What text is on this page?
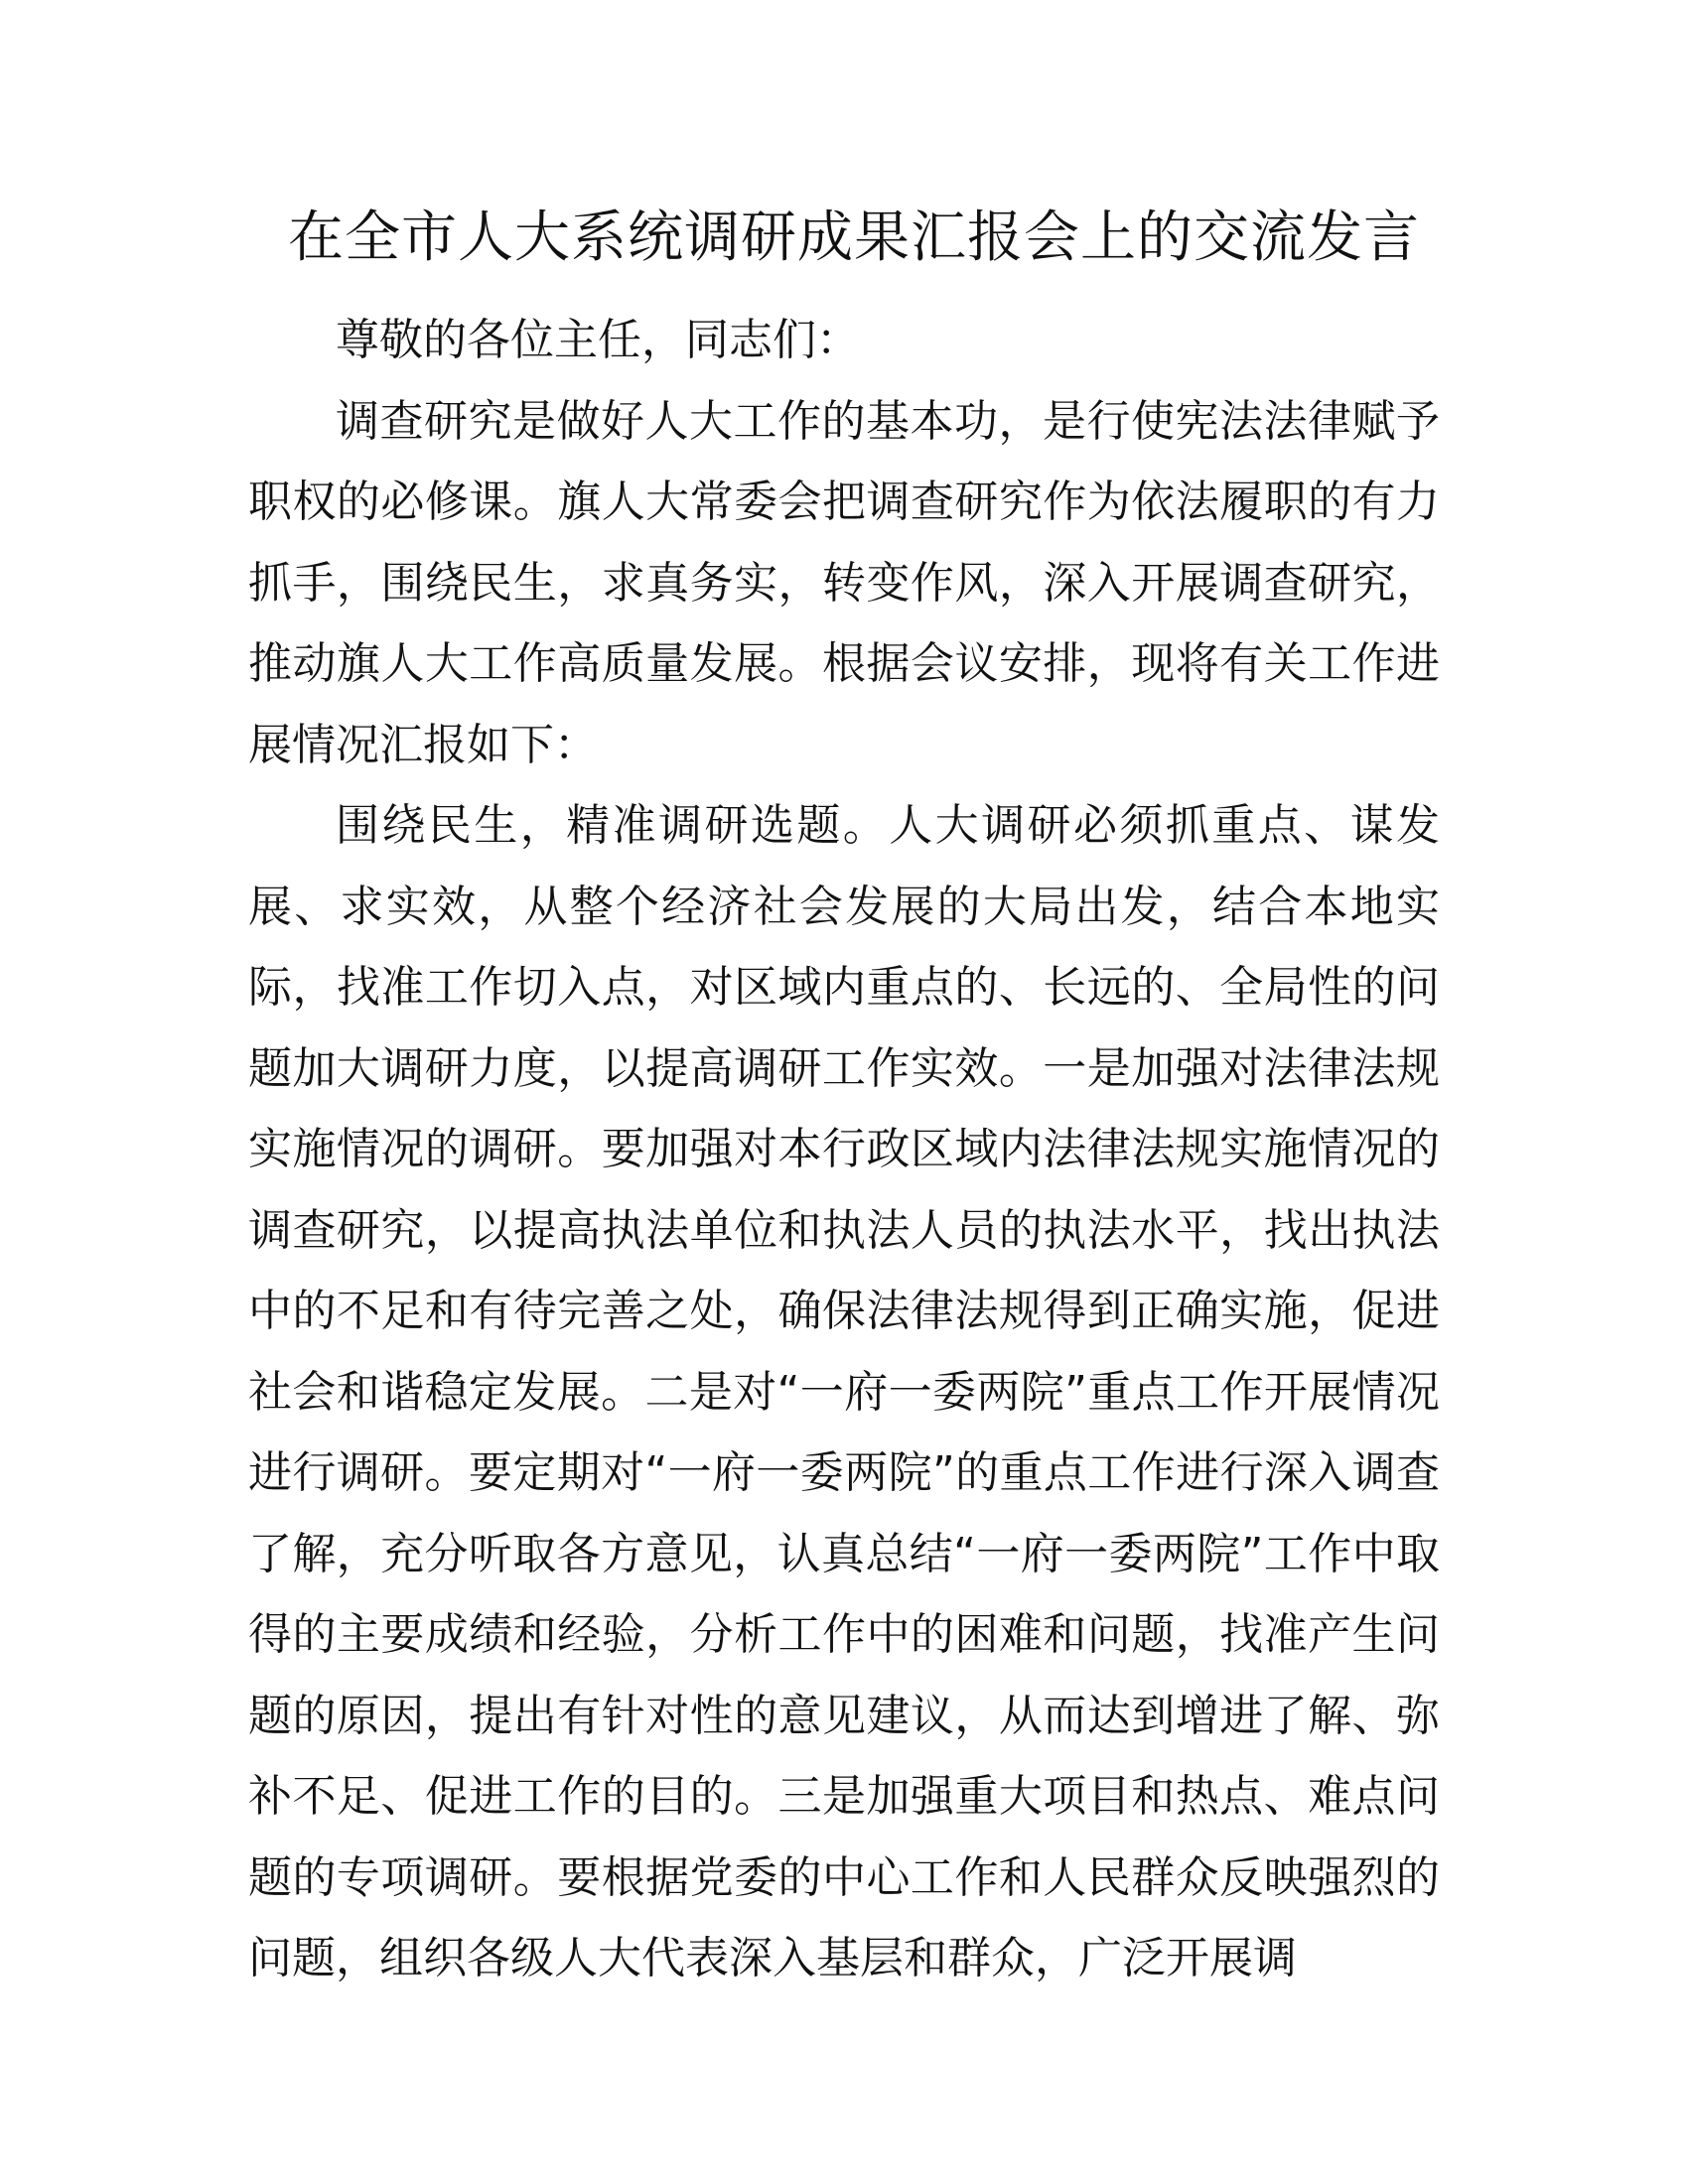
在全市人大系统调研成果汇报会上的交流发言

尊敬的各位主任，同志们：

调查研究是做好人大工作的基本功，是行使宪法法律赋予职权的必修课。旗人大常委会把调查研究作为依法履职的有力抓手，围绕民生，求真务实，转变作风，深入开展调查研究，推动旗人大工作高质量发展。根据会议安排，现将有关工作进展情况汇报如下：

围绕民生，精准调研选题。人大调研必须抓重点、谋发展、求实效，从整个经济社会发展的大局出发，结合本地实际，找准工作切入点，对区域内重点的、长远的、全局性的问题加大调研力度，以提高调研工作实效。一是加强对法律法规实施情况的调研。要加强对本行政区域内法律法规实施情况的调查研究，以提高执法单位和执法人员的执法水平，找出执法中的不足和有待完善之处，确保法律法规得到正确实施，促进社会和谐稳定发展。二是对“一府一委两院”重点工作开展情况进行调研。要定期对“一府一委两院”的重点工作进行深入调查了解，充分听取各方意见，认真总结“一府一委两院”工作中取得的主要成绩和经验，分析工作中的困难和问题，找准产生问题的原因，提出有针对性的意见建议，从而达到增进了解、弥补不足、促进工作的目的。三是加强重大项目和热点、难点问题的专项调研。要根据党委的中心工作和人民群众反映强烈的问题，组织各级人大代表深入基层和群众，广泛开展调
